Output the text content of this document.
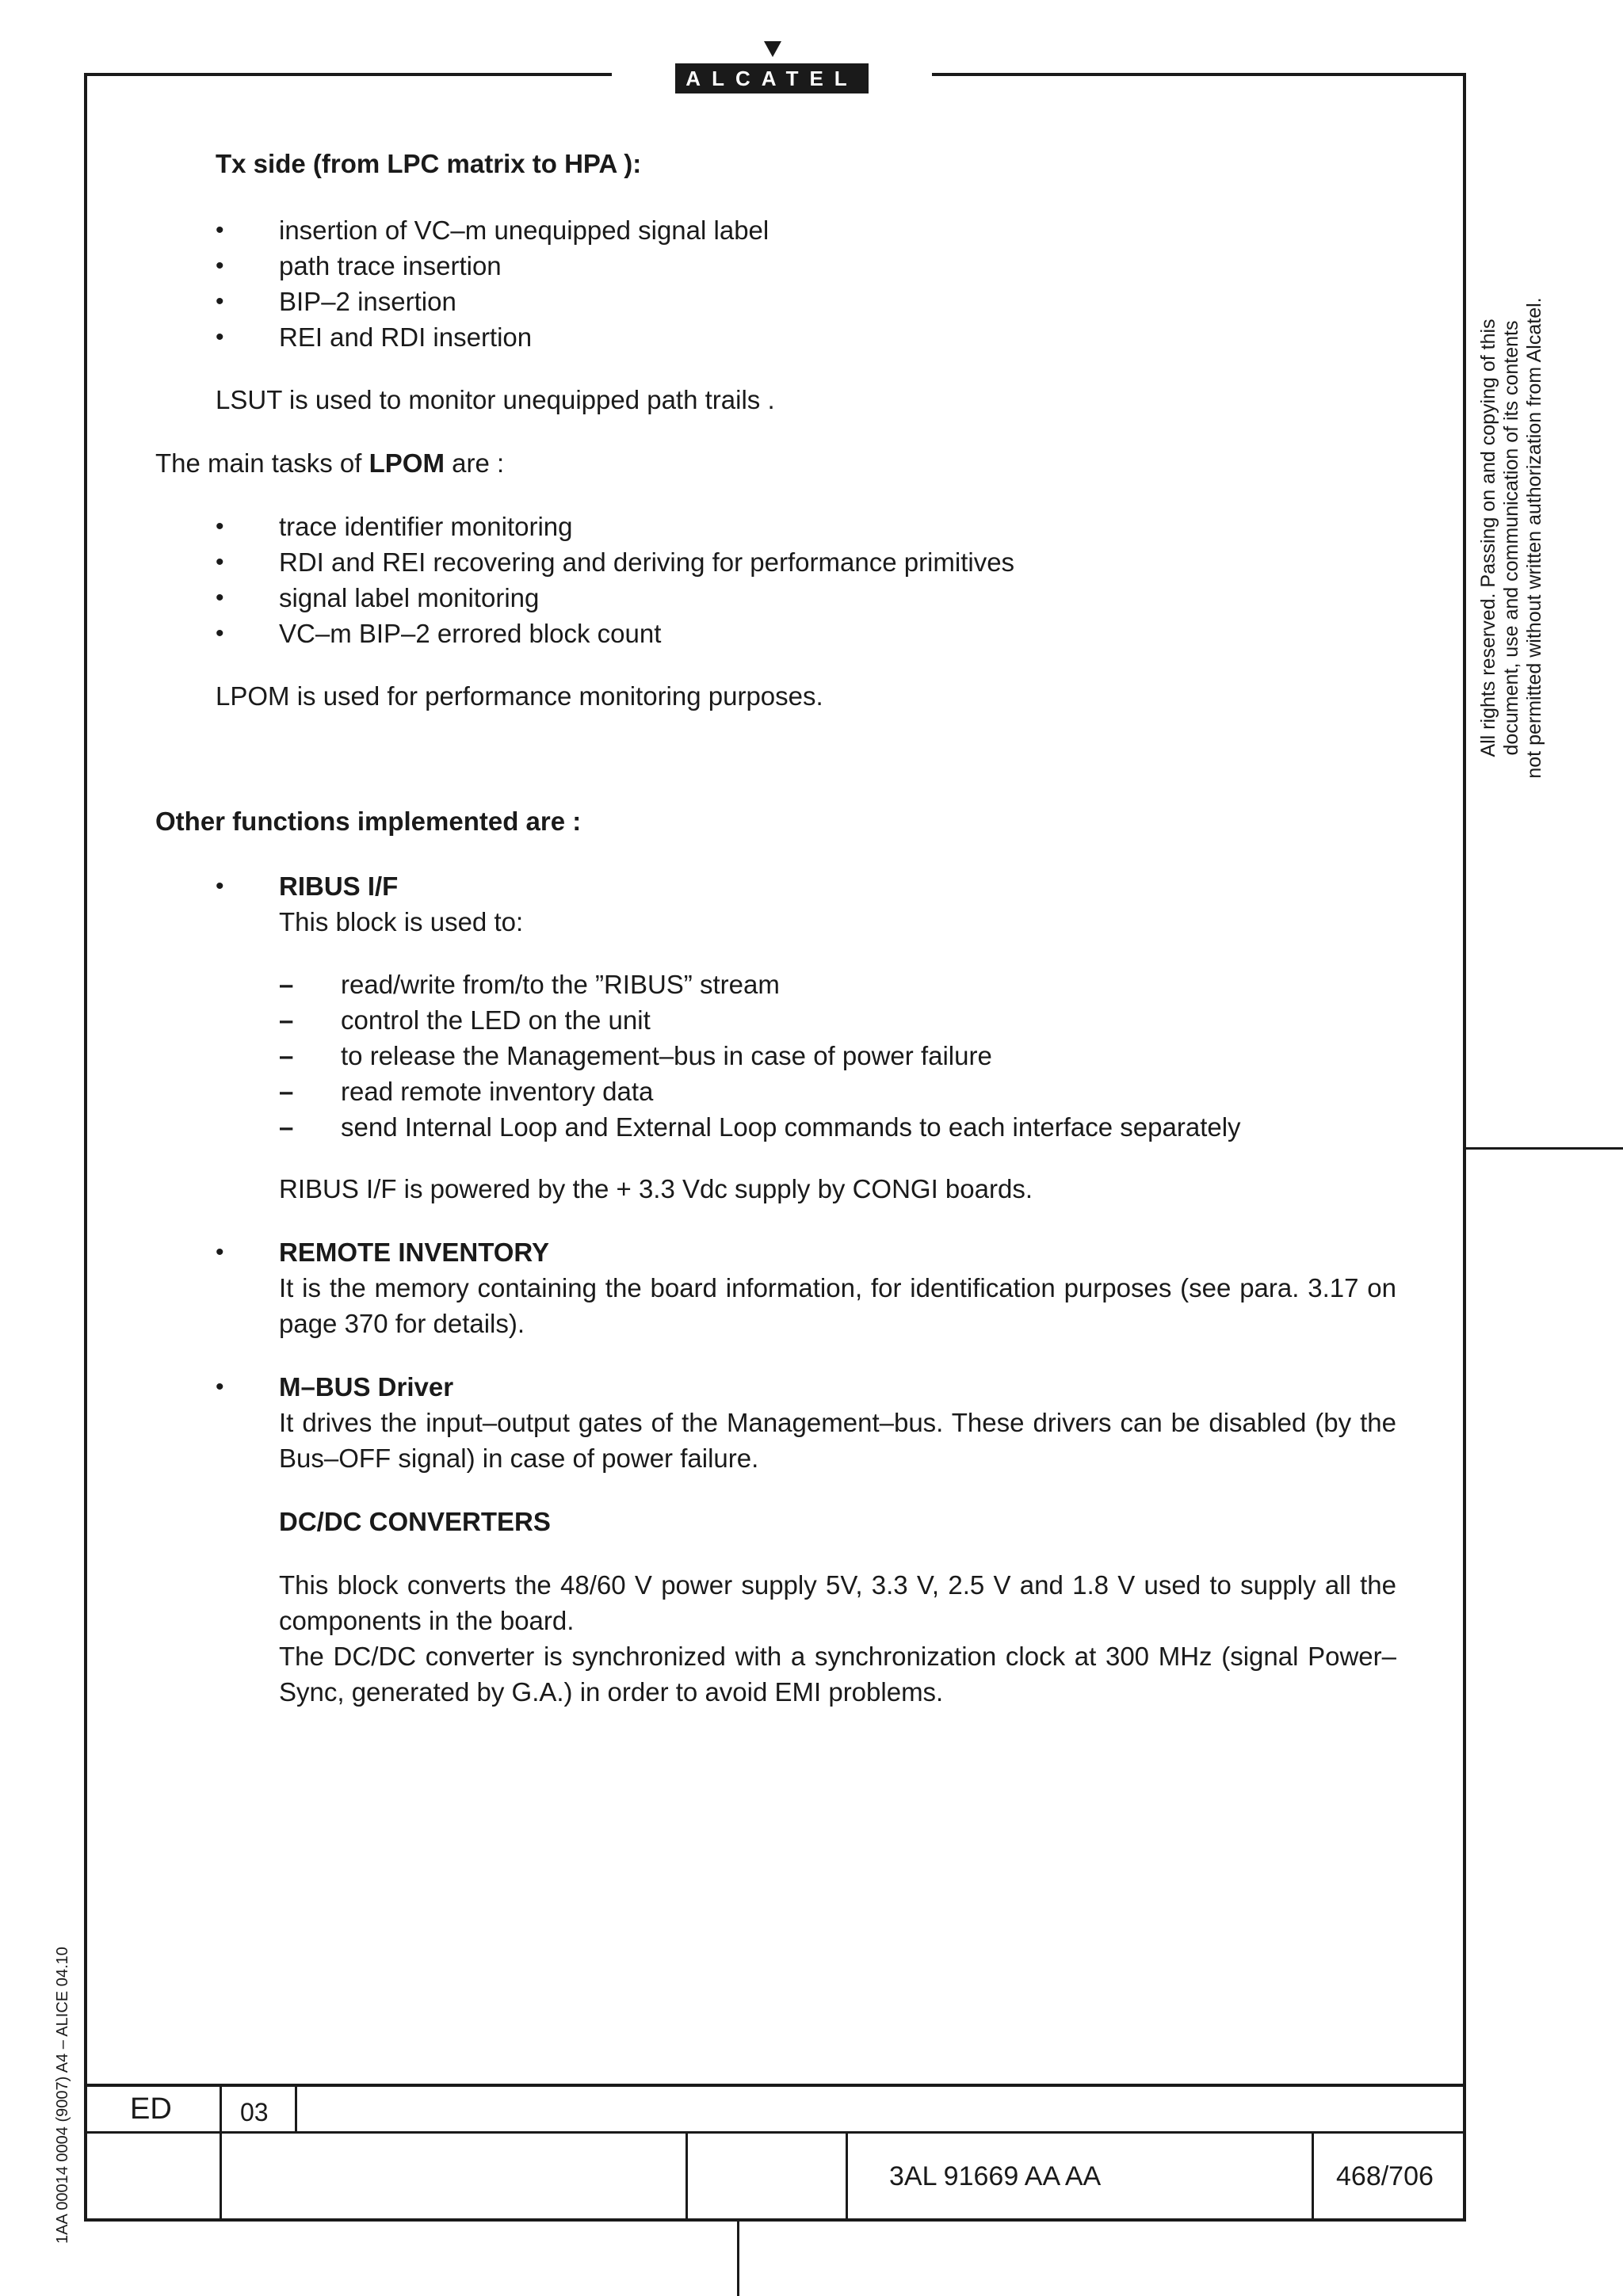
ALCATEL
Tx side (from LPC matrix to HPA ):
• insertion of VC–m unequipped signal label
• path trace insertion
• BIP–2 insertion
• REI and RDI insertion
LSUT is used to monitor unequipped path trails .
The main tasks of LPOM are :
• trace identifier monitoring
• RDI and REI recovering and deriving for performance primitives
• signal label monitoring
• VC–m BIP–2 errored block count
LPOM is used for performance monitoring purposes.
Other functions implemented are :
• RIBUS I/F
This block is used to:
– read/write from/to the ”RIBUS” stream
– control the LED on the unit
– to release the Management–bus in case of power failure
– read remote inventory data
– send Internal Loop and External Loop commands to each interface separately
RIBUS I/F is powered by the + 3.3 Vdc supply by CONGI boards.
• REMOTE INVENTORY
It is the memory containing the board information, for identification purposes (see para. 3.17 on page 370 for details).
• M–BUS Driver
It drives the input–output gates of the Management–bus. These drivers can be disabled (by the Bus–OFF signal) in case of power failure.
DC/DC CONVERTERS
This block converts the 48/60 V power supply 5V, 3.3 V, 2.5 V and 1.8 V used to supply all the components in the board.
The DC/DC converter is synchronized with a synchronization clock at 300 MHz (signal Power–Sync, generated by G.A.) in order to avoid EMI problems.
All rights reserved. Passing on and copying of this document, use and communication of its contents not permitted without written authorization from Alcatel.
1AA 00014 0004 (9007) A4 – ALICE 04.10 ED	03
3AL 91669 AA AA	468/706
